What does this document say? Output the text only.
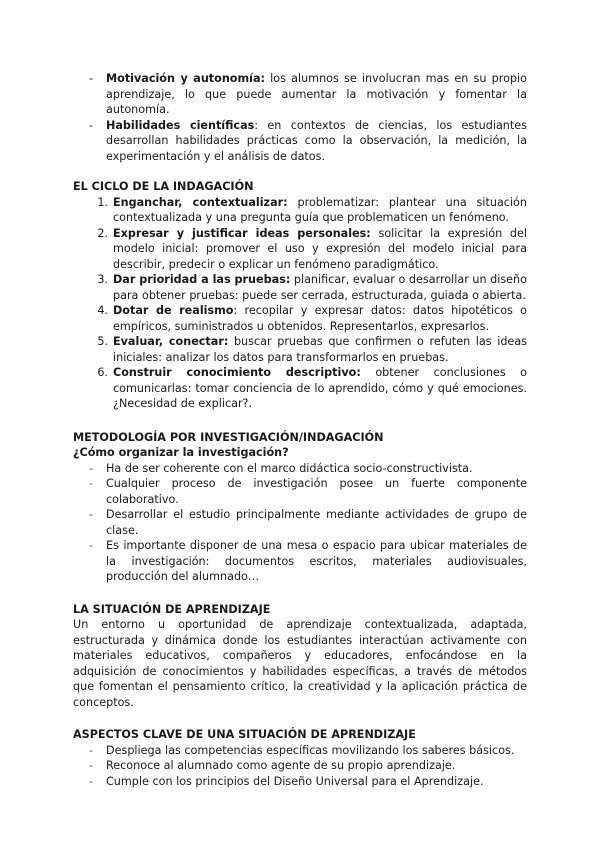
-	Motivación y autonomía: los alumnos se involucran mas en su propio aprendizaje, lo que puede aumentar la motivación y fomentar la autonomía.
-	Habilidades científicas: en contextos de ciencias, los estudiantes desarrollan habilidades prácticas como la observación, la medición, la experimentación y el análisis de datos.
EL CICLO DE LA INDAGACIÓN
1. Enganchar, contextualizar: problematizar: plantear una situación contextualizada y una pregunta guía que problematicen un fenómeno.
2. Expresar y justificar ideas personales: solicitar la expresión del modelo inicial: promover el uso y expresión del modelo inicial para describir, predecir o explicar un fenómeno paradigmático.
3. Dar prioridad a las pruebas: planificar, evaluar o desarrollar un diseño para obtener pruebas: puede ser cerrada, estructurada, guiada o abierta.
4. Dotar de realismo: recopilar y expresar datos: datos hipotéticos o empíricos, suministrados u obtenidos. Representarlos, expresarlos.
5. Evaluar, conectar: buscar pruebas que confirmen o refuten las ideas iniciales: analizar los datos para transformarlos en pruebas.
6. Construir conocimiento descriptivo: obtener conclusiones o comunicarlas: tomar conciencia de lo aprendido, cómo y qué emociones. ¿Necesidad de explicar?.
METODOLOGÍA POR INVESTIGACIÓN/INDAGACIÓN
¿Cómo organizar la investigación?
-	Ha de ser coherente con el marco didáctica socio-constructivista.
-	Cualquier proceso de investigación posee un fuerte componente colaborativo.
-	Desarrollar el estudio principalmente mediante actividades de grupo de clase.
-	Es importante disponer de una mesa o espacio para ubicar materiales de la investigación: documentos escritos, materiales audiovisuales, producción del alumnado…
LA SITUACIÓN DE APRENDIZAJE
Un entorno u oportunidad de aprendizaje contextualizada, adaptada, estructurada y dinámica donde los estudiantes interactúan activamente con materiales educativos, compañeros y educadores, enfocándose en la adquisición de conocimientos y habilidades específicas, a través de métodos que fomentan el pensamiento crítico, la creatividad y la aplicación práctica de conceptos.
ASPECTOS CLAVE DE UNA SITUACIÓN DE APRENDIZAJE
-	Despliega las competencias específicas movilizando los saberes básicos.
-	Reconoce al alumnado como agente de su propio aprendizaje.
-	Cumple con los principios del Diseño Universal para el Aprendizaje.
